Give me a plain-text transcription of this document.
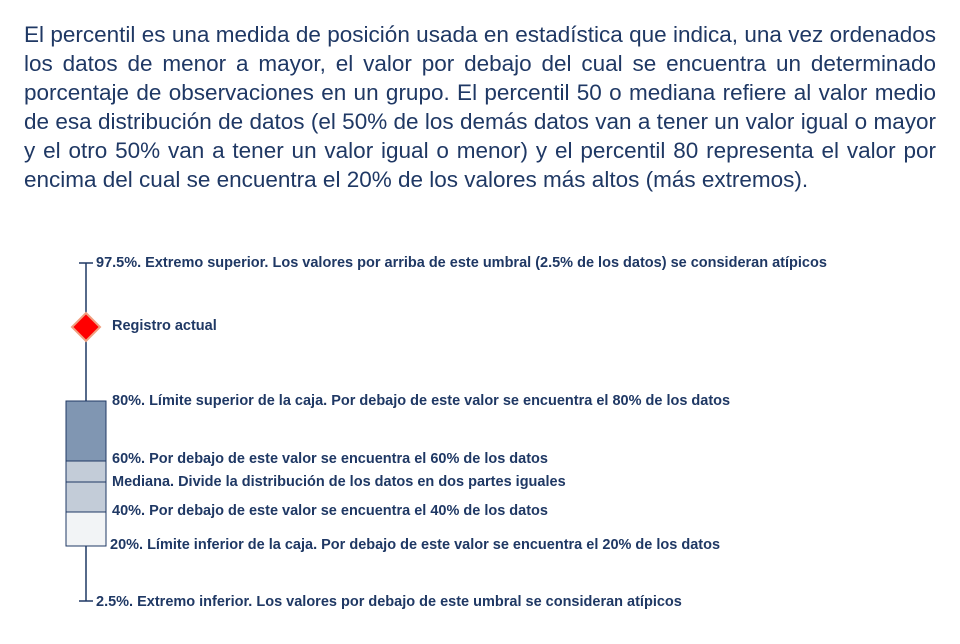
El percentil es una medida de posición usada en estadística que indica, una vez ordenados los datos de menor a mayor, el valor por debajo del cual se encuentra un determinado porcentaje de observaciones en un grupo. El percentil 50 o mediana refiere al valor medio de esa distribución de datos (el 50% de los demás datos van a tener un valor igual o mayor y el otro 50% van a tener un valor igual o menor) y el percentil 80 representa el valor por encima del cual se encuentra el 20% de los valores más altos (más extremos).

97.5%. Extremo superior. Los valores por arriba de este umbral (2.5% de los datos) se consideran atípicos
Registro actual
80%. Límite superior de la caja. Por debajo de este valor se encuentra el 80% de los datos
60%. Por debajo de este valor se encuentra el 60% de los datos
Mediana. Divide la distribución de los datos en dos partes iguales
40%. Por debajo de este valor se encuentra el 40% de los datos
20%. Límite inferior de la caja. Por debajo de este valor se encuentra el 20% de los datos
2.5%. Extremo inferior. Los valores por debajo de este umbral se consideran atípicos
